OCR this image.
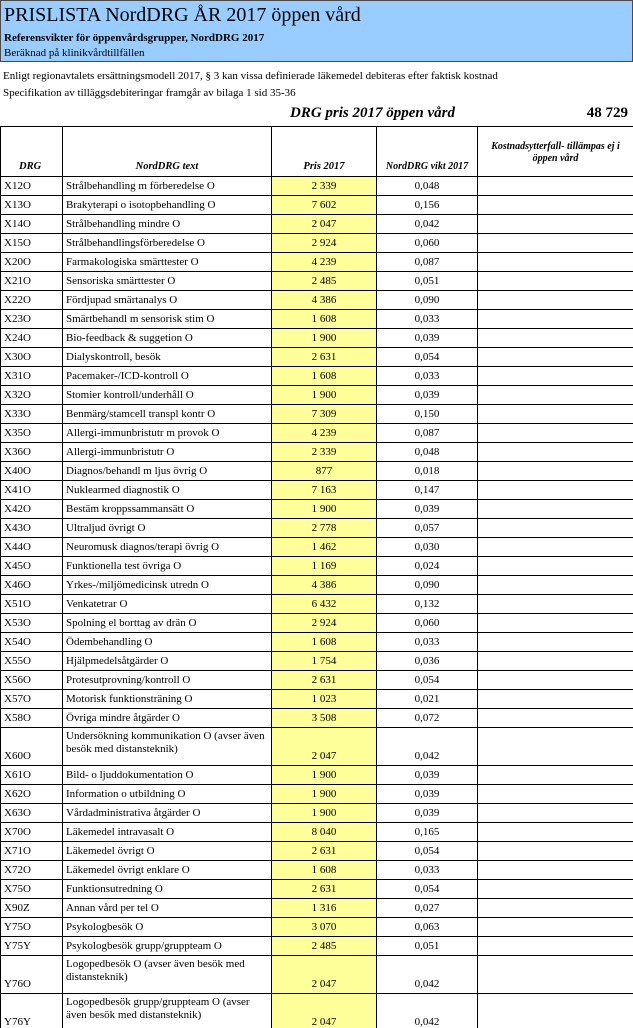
PRISLISTA NordDRG ÅR 2017 öppen vård
Referensvikter för öppenvårdsgrupper, NordDRG 2017
Beräknad på klinikvårdtillfällen
Enligt regionavtalets ersättningsmodell 2017, § 3 kan vissa definierade läkemedel debiteras efter faktisk kostnad
Specifikation av tilläggsdebiteringar framgår av bilaga 1 sid 35-36
DRG pris 2017 öppen vård	48 729
DRG	NordDRG text	Pris 2017	NordDRG vikt 2017	Kostnadsytterfall- tillämpas ej i öppen vård
X12O	Strålbehandling m förberedelse O	2 339	0,048	
X13O	Brakyterapi o isotopbehandling O	7 602	0,156	
X14O	Strålbehandling mindre O	2 047	0,042	
X15O	Strålbehandlingsförberedelse O	2 924	0,060	
X20O	Farmakologiska smärttester O	4 239	0,087	
X21O	Sensoriska smärttester O	2 485	0,051	
X22O	Fördjupad smärtanalys O	4 386	0,090	
X23O	Smärtbehandl m sensorisk stim O	1 608	0,033	
X24O	Bio-feedback & suggetion O	1 900	0,039	
X30O	Dialyskontroll, besök	2 631	0,054	
X31O	Pacemaker-/ICD-kontroll O	1 608	0,033	
X32O	Stomier kontroll/underhåll O	1 900	0,039	
X33O	Benmärg/stamcell transpl kontr O	7 309	0,150	
X35O	Allergi-immunbristutr m provok O	4 239	0,087	
X36O	Allergi-immunbristutr O	2 339	0,048	
X40O	Diagnos/behandl m ljus övrig O	877	0,018	
X41O	Nuklearmed diagnostik O	7 163	0,147	
X42O	Bestäm kroppssammansätt O	1 900	0,039	
X43O	Ultraljud övrigt O	2 778	0,057	
X44O	Neuromusk diagnos/terapi övrig O	1 462	0,030	
X45O	Funktionella test övriga O	1 169	0,024	
X46O	Yrkes-/miljömedicinsk utredn O	4 386	0,090	
X51O	Venkatetrar O	6 432	0,132	
X53O	Spolning el borttag av drän O	2 924	0,060	
X54O	Ödembehandling O	1 608	0,033	
X55O	Hjälpmedelsåtgärder O	1 754	0,036	
X56O	Protesutprovning/kontroll O	2 631	0,054	
X57O	Motorisk funktionsträning O	1 023	0,021	
X58O	Övriga mindre åtgärder O	3 508	0,072	
X60O	Undersökning kommunikation O (avser även besök med distansteknik)	2 047	0,042	
X61O	Bild- o ljuddokumentation O	1 900	0,039	
X62O	Information o utbildning O	1 900	0,039	
X63O	Vårdadministrativa åtgärder O	1 900	0,039	
X70O	Läkemedel intravasalt O	8 040	0,165	
X71O	Läkemedel övrigt O	2 631	0,054	
X72O	Läkemedel övrigt enklare O	1 608	0,033	
X75O	Funktionsutredning O	2 631	0,054	
X90Z	Annan vård per tel O	1 316	0,027	
Y75O	Psykologbesök O	3 070	0,063	
Y75Y	Psykologbesök grupp/gruppteam O	2 485	0,051	
Y76O	Logopedbesök O (avser även besök med distansteknik)	2 047	0,042	
Y76Y	Logopedbesök grupp/gruppteam O (avser även besök med distansteknik)	2 047	0,042	
